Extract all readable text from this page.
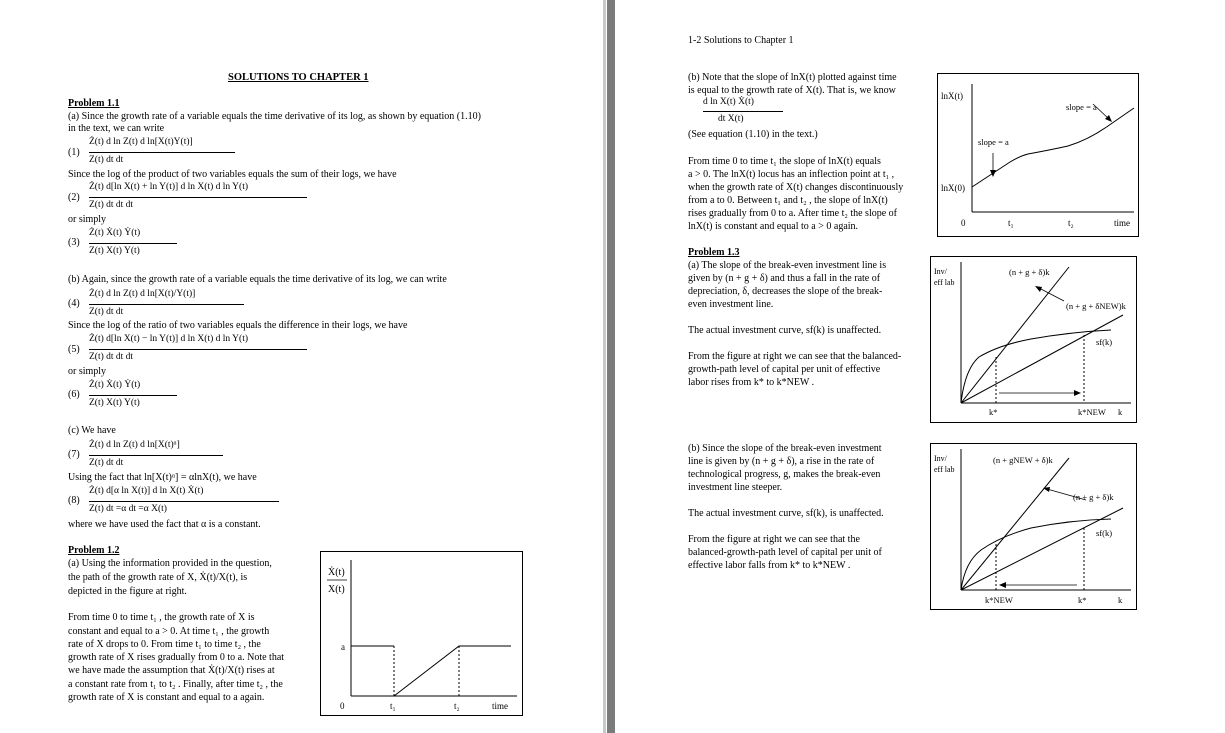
SOLUTIONS TO CHAPTER 1
Problem 1.1
(a) Since the growth rate of a variable equals the time derivative of its log, as shown by equation (1.10)
in the text, we can write
(1)
Ż(t) d ln Z(t) d ln[X(t)Y(t)]
Z(t) dt dt
Since the log of the product of two variables equals the sum of their logs, we have
(2)
Ż(t) d[ln X(t) + ln Y(t)] d ln X(t) d ln Y(t)
Z(t) dt dt dt
or simply
(3)
Ż(t) Ẋ(t) Ẏ(t)
Z(t) X(t) Y(t)
(b) Again, since the growth rate of a variable equals the time derivative of its log, we can write
(4)
Ż(t) d ln Z(t) d ln[X(t)/Y(t)]
Z(t) dt dt
Since the log of the ratio of two variables equals the difference in their logs, we have
(5)
Ż(t) d[ln X(t) − ln Y(t)] d ln X(t) d ln Y(t)
Z(t) dt dt dt
or simply
(6)
Ż(t) Ẋ(t) Ẏ(t)
Z(t) X(t) Y(t)
(c) We have
(7)
Ż(t) d ln Z(t) d ln[X(t)ᵅ]
Z(t) dt dt
Using the fact that ln[X(t)ᵅ] = αlnX(t), we have
(8)
Ż(t) d[α ln X(t)] d ln X(t) Ẋ(t)
Z(t) dt =α dt =α X(t)
where we have used the fact that α is a constant.
Problem 1.2
(a) Using the information provided in the question,
the path of the growth rate of X, Ẋ(t)/X(t), is
depicted in the figure at right.
From time 0 to time t₁ , the growth rate of X is
constant and equal to a > 0. At time t₁ , the growth
rate of X drops to 0. From time t₁ to time t₂ , the
growth rate of X rises gradually from 0 to a. Note that
we have made the assumption that Ẋ(t)/X(t) rises at
a constant rate from t₁ to t₂ . Finally, after time t₂ , the
growth rate of X is constant and equal to a again.
Ẋ(t)
X(t)
a
0	t₁	t₂	time
1-2 Solutions to Chapter 1
(b) Note that the slope of lnX(t) plotted against time
is equal to the growth rate of X(t). That is, we know
d ln X(t) Ẋ(t)
dt X(t)
(See equation (1.10) in the text.)
From time 0 to time t₁ the slope of lnX(t) equals
a > 0. The lnX(t) locus has an inflection point at t₁ ,
when the growth rate of X(t) changes discontinuously
from a to 0. Between t₁ and t₂ , the slope of lnX(t)
rises gradually from 0 to a. After time t₂ the slope of
lnX(t) is constant and equal to a > 0 again.
lnX(t)
lnX(0)
slope = a
slope = a
0	t₁	t₂	time
Problem 1.3
(a) The slope of the break-even investment line is
given by (n + g + δ) and thus a fall in the rate of
depreciation, δ, decreases the slope of the break-
even investment line.
The actual investment curve, sf(k) is unaffected.
From the figure at right we can see that the balanced-
growth-path level of capital per unit of effective
labor rises from k* to k*NEW .
Inv/
eff lab
(n + g + δ)k
(n + g + δNEW)k
sf(k)
k*	k*NEW k
(b) Since the slope of the break-even investment
line is given by (n + g + δ), a rise in the rate of
technological progress, g, makes the break-even
investment line steeper.
The actual investment curve, sf(k), is unaffected.
From the figure at right we can see that the
balanced-growth-path level of capital per unit of
effective labor falls from k* to k*NEW .
Inv/
eff lab
(n + gNEW + δ)k
(n + g + δ)k
sf(k)
k*NEW	k*	k
